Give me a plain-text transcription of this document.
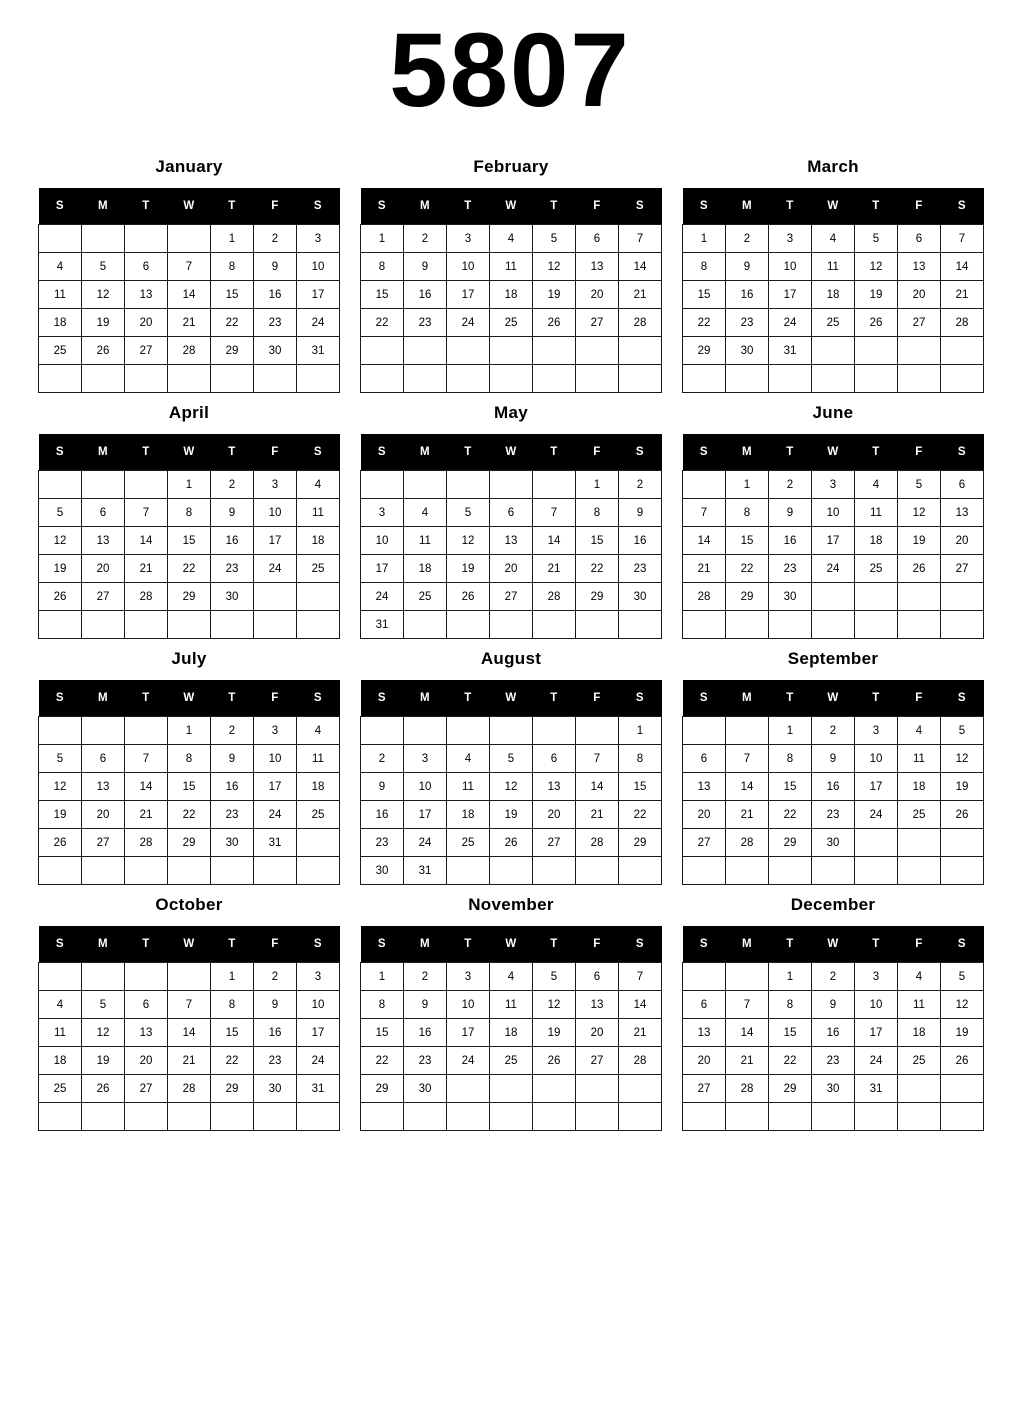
5807
January
S	M	T	W	T	F	S
				1	2	3
4	5	6	7	8	9	10
11	12	13	14	15	16	17
18	19	20	21	22	23	24
25	26	27	28	29	30	31

February
S	M	T	W	T	F	S
1	2	3	4	5	6	7
8	9	10	11	12	13	14
15	16	17	18	19	20	21
22	23	24	25	26	27	28

March
S	M	T	W	T	F	S
1	2	3	4	5	6	7
8	9	10	11	12	13	14
15	16	17	18	19	20	21
22	23	24	25	26	27	28
29	30	31				

April
S	M	T	W	T	F	S
			1	2	3	4
5	6	7	8	9	10	11
12	13	14	15	16	17	18
19	20	21	22	23	24	25
26	27	28	29	30		

May
S	M	T	W	T	F	S
					1	2
3	4	5	6	7	8	9
10	11	12	13	14	15	16
17	18	19	20	21	22	23
24	25	26	27	28	29	30
31						
June
S	M	T	W	T	F	S
	1	2	3	4	5	6
7	8	9	10	11	12	13
14	15	16	17	18	19	20
21	22	23	24	25	26	27
28	29	30				

July
S	M	T	W	T	F	S
			1	2	3	4
5	6	7	8	9	10	11
12	13	14	15	16	17	18
19	20	21	22	23	24	25
26	27	28	29	30	31	

August
S	M	T	W	T	F	S
						1
2	3	4	5	6	7	8
9	10	11	12	13	14	15
16	17	18	19	20	21	22
23	24	25	26	27	28	29
30	31					
September
S	M	T	W	T	F	S
		1	2	3	4	5
6	7	8	9	10	11	12
13	14	15	16	17	18	19
20	21	22	23	24	25	26
27	28	29	30			

October
S	M	T	W	T	F	S
				1	2	3
4	5	6	7	8	9	10
11	12	13	14	15	16	17
18	19	20	21	22	23	24
25	26	27	28	29	30	31

November
S	M	T	W	T	F	S
1	2	3	4	5	6	7
8	9	10	11	12	13	14
15	16	17	18	19	20	21
22	23	24	25	26	27	28
29	30					

December
S	M	T	W	T	F	S
		1	2	3	4	5
6	7	8	9	10	11	12
13	14	15	16	17	18	19
20	21	22	23	24	25	26
27	28	29	30	31		
